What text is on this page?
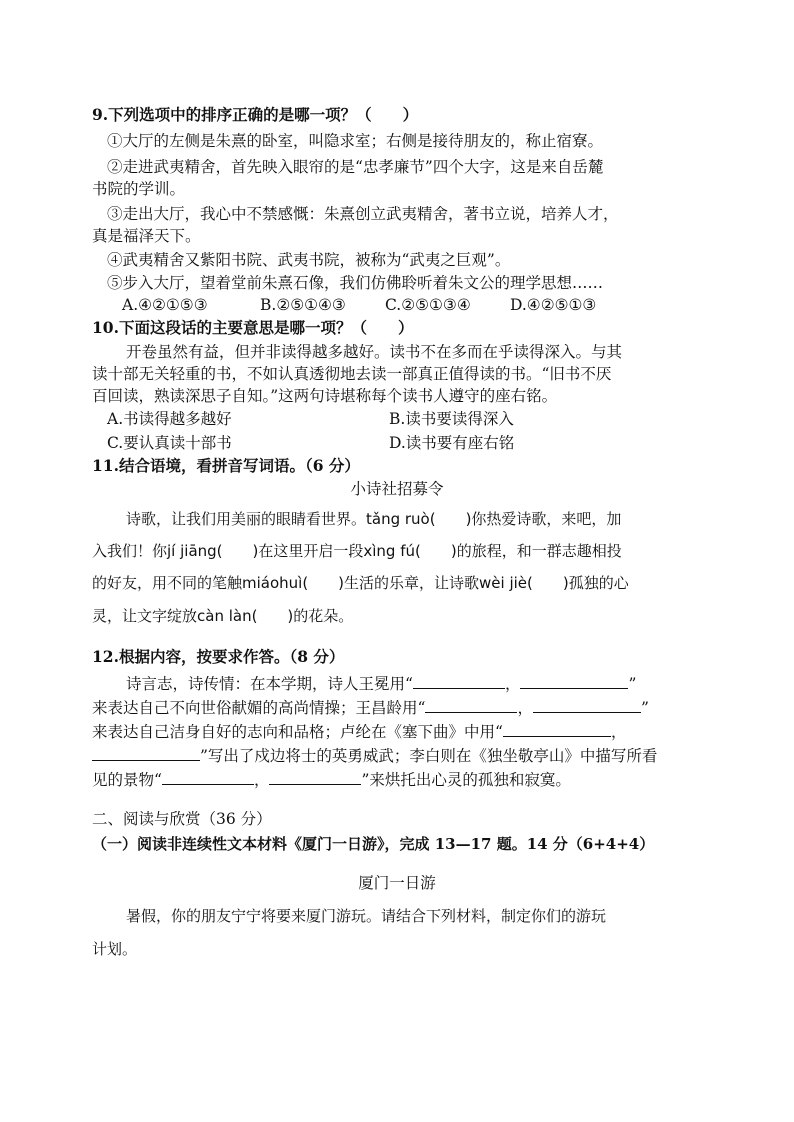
9.下列选项中的排序正确的是哪一项？（　　）
①大厅的左侧是朱熹的卧室，叫隐求室；右侧是接待朋友的，称止宿寮。
②走进武夷精舍，首先映入眼帘的是“忠孝廉节”四个大字，这是来自岳麓
书院的学训。
③走出大厅，我心中不禁感慨：朱熹创立武夷精舍，著书立说，培养人才，
真是福泽天下。
④武夷精舍又紫阳书院、武夷书院，被称为“武夷之巨观”。
⑤步入大厅，望着堂前朱熹石像，我们仿佛聆听着朱文公的理学思想……
A.④②①⑤③	B.②⑤①④③	C.②⑤①③④	D.④②⑤①③
10.下面这段话的主要意思是哪一项？（　　）
开卷虽然有益，但并非读得越多越好。读书不在多而在乎读得深入。与其
读十部无关轻重的书，不如认真透彻地去读一部真正值得读的书。“旧书不厌
百回读，熟读深思子自知。”这两句诗堪称每个读书人遵守的座右铭。
A.书读得越多越好	B.读书要读得深入
C.要认真读十部书	D.读书要有座右铭
11.结合语境，看拼音写词语。（6 分）
小诗社招募令
诗歌，让我们用美丽的眼睛看世界。tǎng ruò(　　)你热爱诗歌，来吧，加
入我们！你jí jiāng(　　)在这里开启一段xìng fú(　　)的旅程，和一群志趣相投
的好友，用不同的笔触miáohuì(　　)生活的乐章，让诗歌wèi jiè(　　)孤独的心
灵，让文字绽放càn làn(　　)的花朵。
12.根据内容，按要求作答。（8 分）
诗言志，诗传情：在本学期，诗人王冕用“	，	”
来表达自己不向世俗献媚的高尚情操；王昌龄用“	，	”
来表达自己洁身自好的志向和品格；卢纶在《塞下曲》中用“	，
”写出了戍边将士的英勇威武；李白则在《独坐敬亭山》中描写所看
见的景物“	，	”来烘托出心灵的孤独和寂寞。
二、阅读与欣赏（36 分）
（一）阅读非连续性文本材料《厦门一日游》，完成 13—17 题。14 分（6+4+4）
厦门一日游
暑假，你的朋友宁宁将要来厦门游玩。请结合下列材料，制定你们的游玩
计划。
